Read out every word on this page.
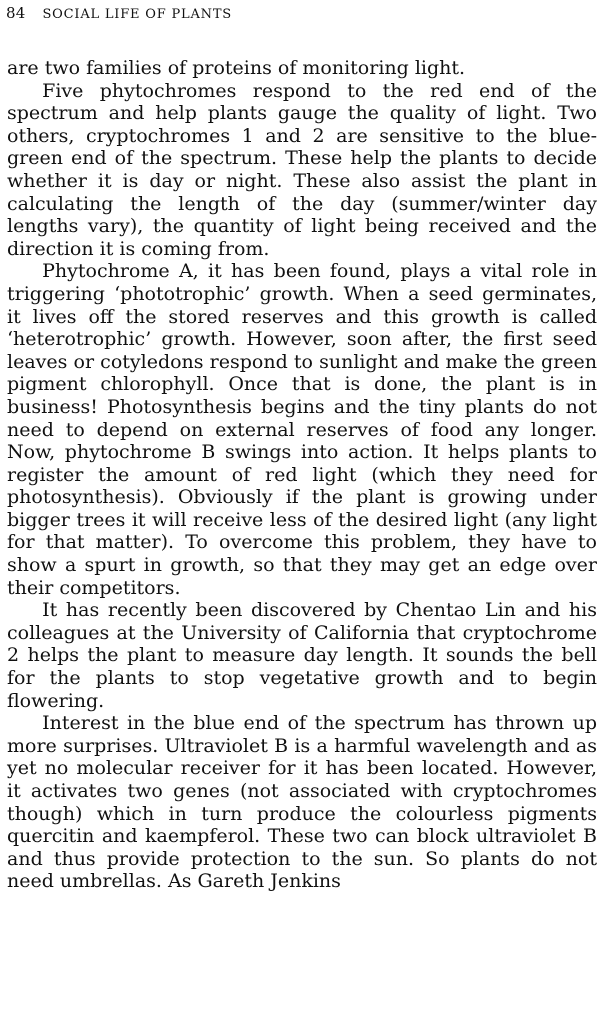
84 SOCIAL LIFE OF PLANTS

are two families of proteins of monitoring light.

Five phytochromes respond to the red end of the spectrum and help plants gauge the quality of light. Two others, cryptochromes 1 and 2 are sensitive to the blue-green end of the spectrum. These help the plants to decide whether it is day or night. These also assist the plant in calculating the length of the day (summer/winter day lengths vary), the quantity of light being received and the direction it is coming from.

Phytochrome A, it has been found, plays a vital role in triggering ‘phototrophic’ growth. When a seed germinates, it lives off the stored reserves and this growth is called ‘heterotrophic’ growth. However, soon after, the first seed leaves or cotyledons respond to sunlight and make the green pigment chlorophyll. Once that is done, the plant is in business! Photosynthesis begins and the tiny plants do not need to depend on external reserves of food any longer. Now, phytochrome B swings into action. It helps plants to register the amount of red light (which they need for photosynthesis). Obviously if the plant is growing under bigger trees it will receive less of the desired light (any light for that matter). To overcome this problem, they have to show a spurt in growth, so that they may get an edge over their competitors.

It has recently been discovered by Chentao Lin and his colleagues at the University of California that cryptochrome 2 helps the plant to measure day length. It sounds the bell for the plants to stop vegetative growth and to begin flowering.

Interest in the blue end of the spectrum has thrown up more surprises. Ultraviolet B is a harmful wavelength and as yet no molecular receiver for it has been located. However, it activates two genes (not associated with cryptochromes though) which in turn produce the colourless pigments quercitin and kaempferol. These two can block ultraviolet B and thus provide protection to the sun. So plants do not need umbrellas. As Gareth Jenkins
